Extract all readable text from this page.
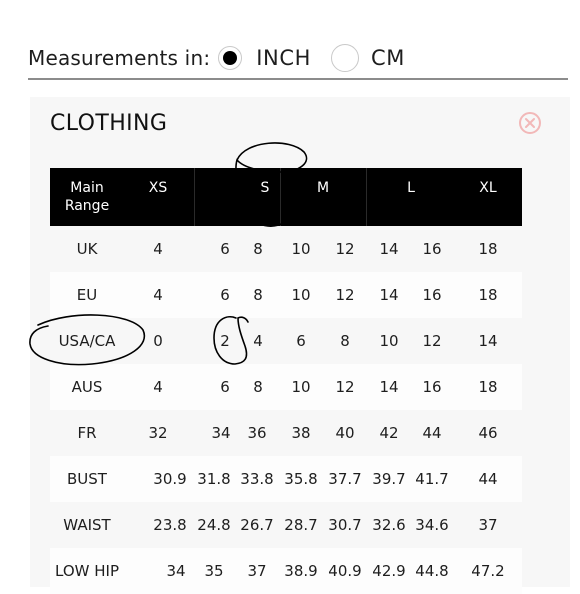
Measurements in: INCH	CM
CLOTHING
Main
Range
XS	S	M	L	XL
UK	4	6 8 10 12 14 16 18
EU	4	6 8 10 12 14 16 18
USA/CA	0	2 4 6 8 10 12 14
AUS	4	6 8 10 12 14 16 18
FR	32	34 36 38 40 42 44 46
BUST	30.9 31.8 33.8 35.8 37.7 39.7 41.7 44
WAIST	23.8 24.8 26.7 28.7 30.7 32.6 34.6 37
LOW HIP	34 35 37 38.9 40.9 42.9 44.8 47.2
